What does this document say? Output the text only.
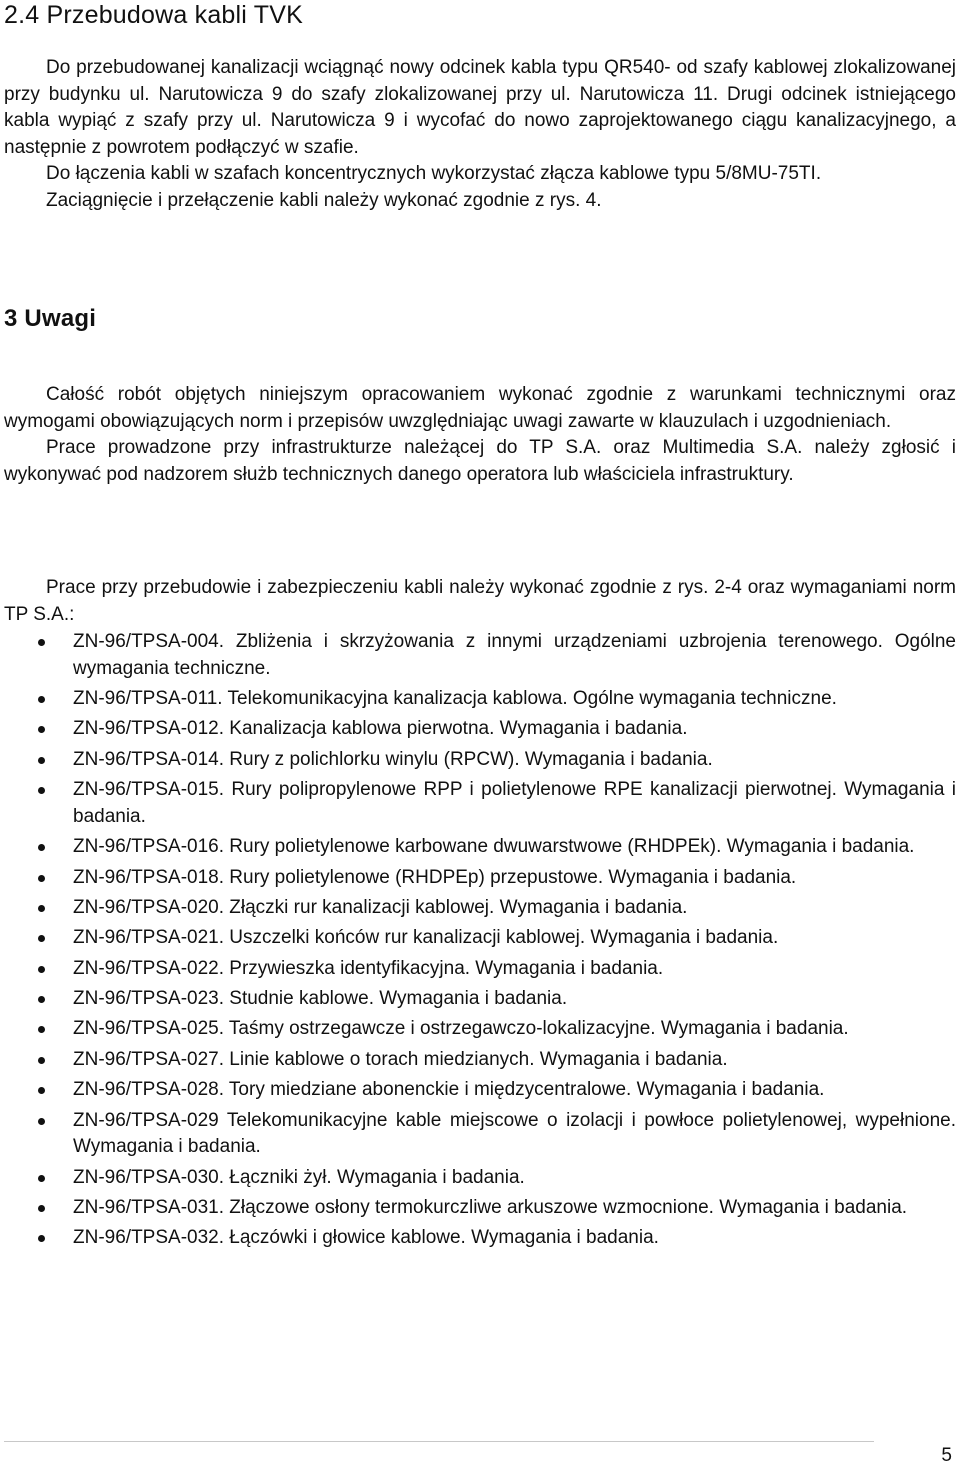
2.4 Przebudowa kabli TVK

Do przebudowanej kanalizacji wciągnąć nowy odcinek kabla typu QR540- od szafy kablowej zlokalizowanej przy budynku ul. Narutowicza 9 do szafy zlokalizowanej przy ul. Narutowicza 11. Drugi odcinek istniejącego kabla wypiąć z szafy przy ul. Narutowicza 9 i wycofać do nowo zaprojektowanego ciągu kanalizacyjnego, a następnie z powrotem podłączyć w szafie.

Do łączenia kabli w szafach koncentrycznych wykorzystać złącza kablowe typu 5/8MU-75TI.

Zaciągnięcie i przełączenie kabli należy wykonać zgodnie z rys. 4.

3 Uwagi

Całość robót objętych niniejszym opracowaniem wykonać zgodnie z warunkami technicznymi oraz wymogami obowiązujących norm i przepisów uwzględniając uwagi zawarte w klauzulach i uzgodnieniach.

Prace prowadzone przy infrastrukturze należącej do TP S.A. oraz Multimedia S.A. należy zgłosić i wykonywać pod nadzorem służb technicznych danego operatora lub właściciela infrastruktury.

Prace przy przebudowie i zabezpieczeniu kabli należy wykonać zgodnie z rys. 2-4 oraz wymaganiami norm TP S.A.:

ZN-96/TPSA-004. Zbliżenia i skrzyżowania z innymi urządzeniami uzbrojenia terenowego. Ogólne wymagania techniczne.
ZN-96/TPSA-011. Telekomunikacyjna kanalizacja kablowa. Ogólne wymagania techniczne.
ZN-96/TPSA-012. Kanalizacja kablowa pierwotna. Wymagania i badania.
ZN-96/TPSA-014. Rury z polichlorku winylu (RPCW). Wymagania i badania.
ZN-96/TPSA-015. Rury polipropylenowe RPP i polietylenowe RPE kanalizacji pierwotnej. Wymagania i badania.
ZN-96/TPSA-016. Rury polietylenowe karbowane dwuwarstwowe (RHDPEk). Wymagania i badania.
ZN-96/TPSA-018. Rury polietylenowe (RHDPEp) przepustowe. Wymagania i badania.
ZN-96/TPSA-020. Złączki rur kanalizacji kablowej. Wymagania i badania.
ZN-96/TPSA-021. Uszczelki końców rur kanalizacji kablowej. Wymagania i badania.
ZN-96/TPSA-022. Przywieszka identyfikacyjna. Wymagania i badania.
ZN-96/TPSA-023. Studnie kablowe. Wymagania i badania.
ZN-96/TPSA-025. Taśmy ostrzegawcze i ostrzegawczo-lokalizacyjne. Wymagania i badania.
ZN-96/TPSA-027. Linie kablowe o torach miedzianych. Wymagania i badania.
ZN-96/TPSA-028. Tory miedziane abonenckie i międzycentralowe. Wymagania i badania.
ZN-96/TPSA-029 Telekomunikacyjne kable miejscowe o izolacji i powłoce polietylenowej, wypełnione. Wymagania i badania.
ZN-96/TPSA-030. Łączniki żył. Wymagania i badania.
ZN-96/TPSA-031. Złączowe osłony termokurczliwe arkuszowe wzmocnione. Wymagania i badania.
ZN-96/TPSA-032. Łączówki i głowice kablowe. Wymagania i badania.
5
